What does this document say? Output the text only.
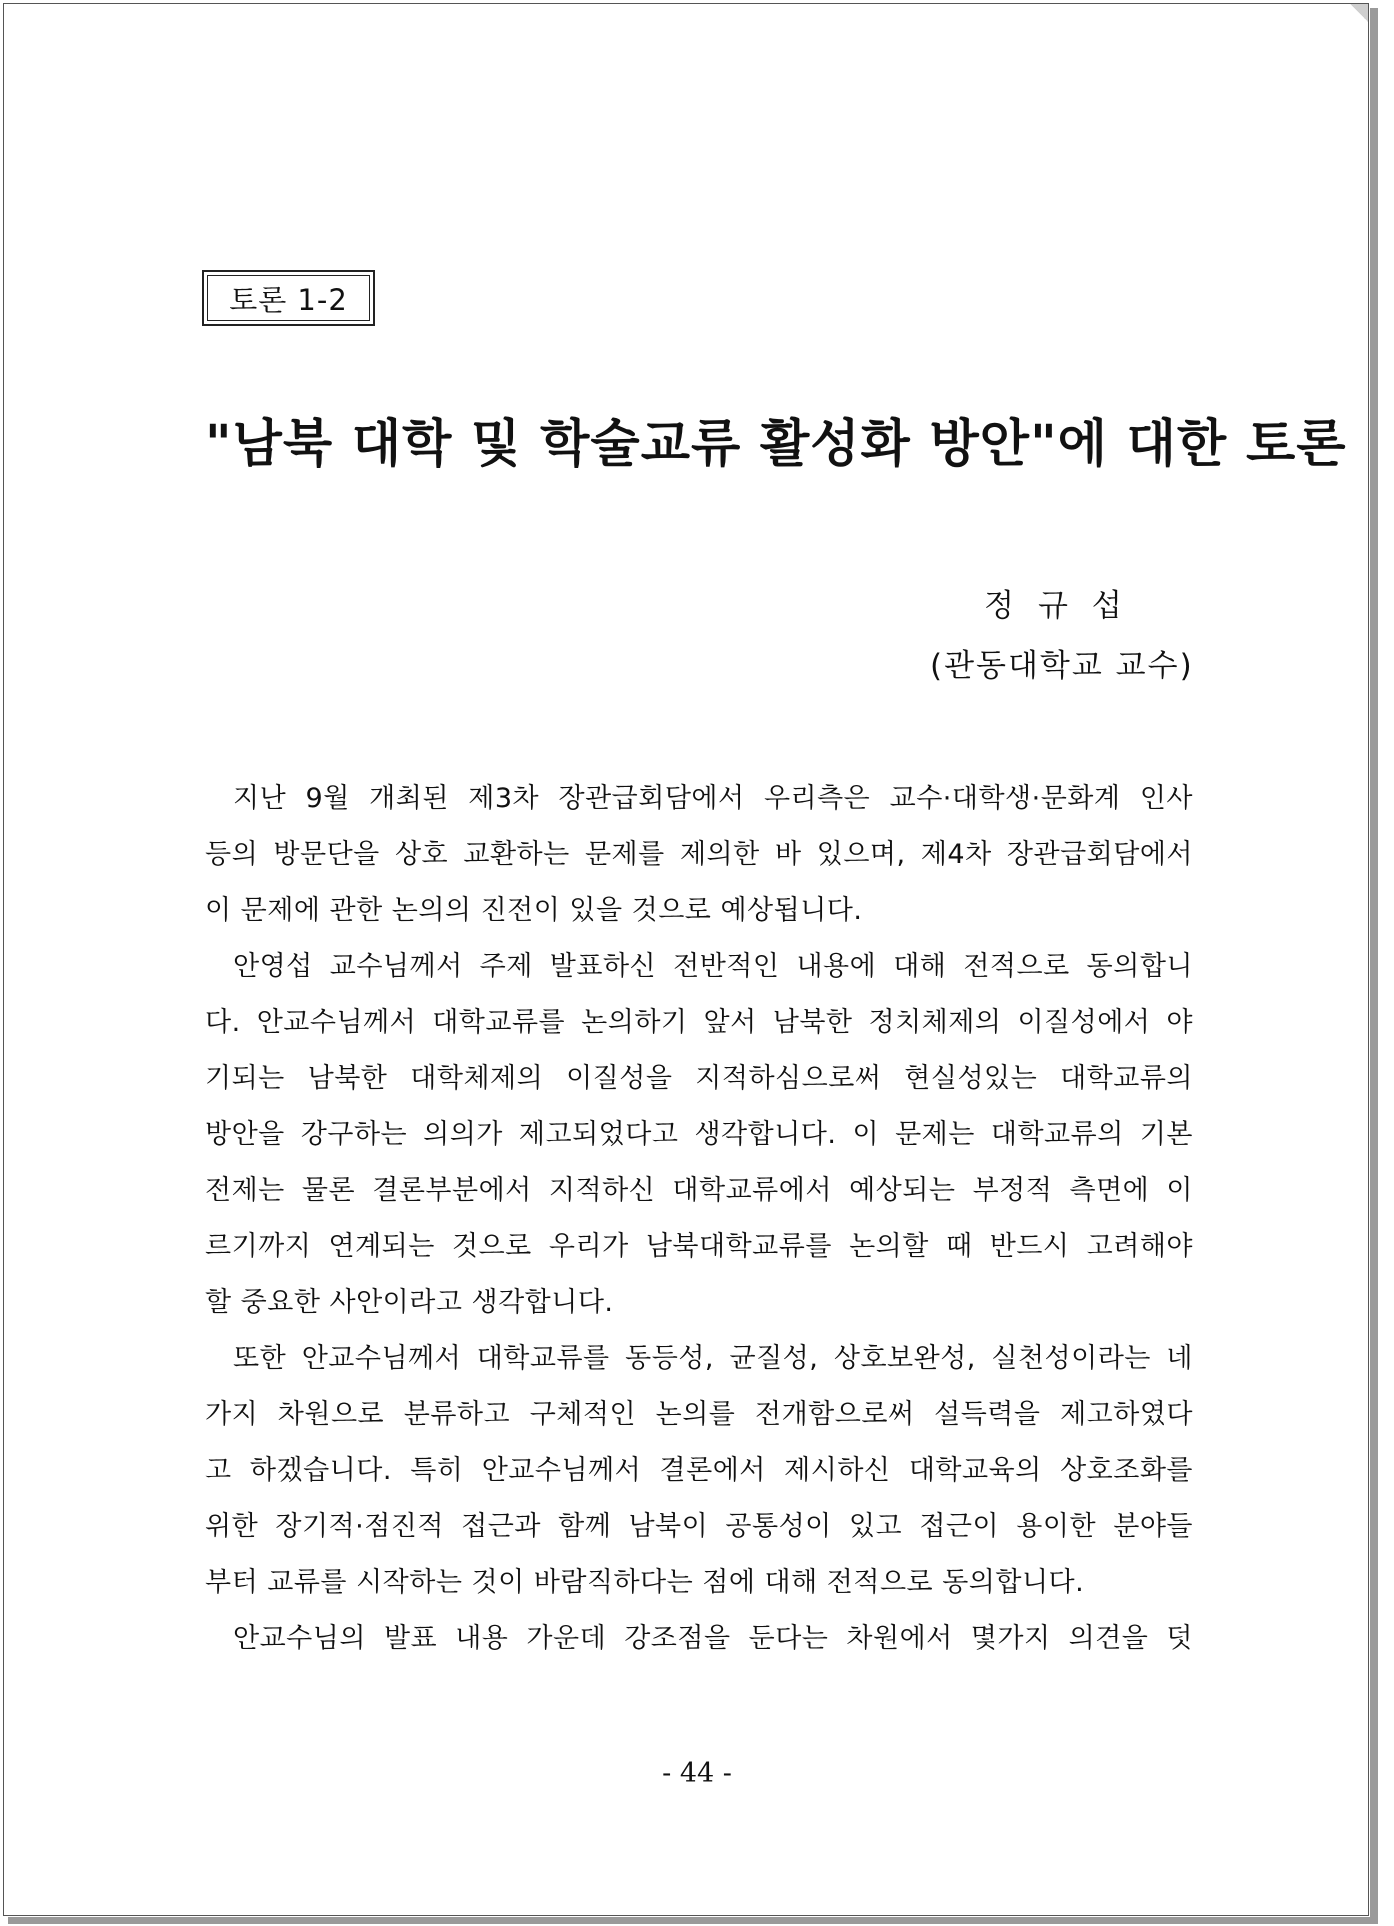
토론 1-2
"남북 대학 및 학술교류 활성화 방안"에 대한 토론
정규섭
(관동대학교 교수)
지난 9월 개최된 제3차 장관급회담에서 우리측은 교수·대학생·문화계 인사
등의 방문단을 상호 교환하는 문제를 제의한 바 있으며, 제4차 장관급회담에서
이 문제에 관한 논의의 진전이 있을 것으로 예상됩니다.
안영섭 교수님께서 주제 발표하신 전반적인 내용에 대해 전적으로 동의합니
다. 안교수님께서 대학교류를 논의하기 앞서 남북한 정치체제의 이질성에서 야
기되는 남북한 대학체제의 이질성을 지적하심으로써 현실성있는 대학교류의
방안을 강구하는 의의가 제고되었다고 생각합니다. 이 문제는 대학교류의 기본
전제는 물론 결론부분에서 지적하신 대학교류에서 예상되는 부정적 측면에 이
르기까지 연계되는 것으로 우리가 남북대학교류를 논의할 때 반드시 고려해야
할 중요한 사안이라고 생각합니다.
또한 안교수님께서 대학교류를 동등성, 균질성, 상호보완성, 실천성이라는 네
가지 차원으로 분류하고 구체적인 논의를 전개함으로써 설득력을 제고하였다
고 하겠습니다. 특히 안교수님께서 결론에서 제시하신 대학교육의 상호조화를
위한 장기적·점진적 접근과 함께 남북이 공통성이 있고 접근이 용이한 분야들
부터 교류를 시작하는 것이 바람직하다는 점에 대해 전적으로 동의합니다.
안교수님의 발표 내용 가운데 강조점을 둔다는 차원에서 몇가지 의견을 덧
- 44 -
